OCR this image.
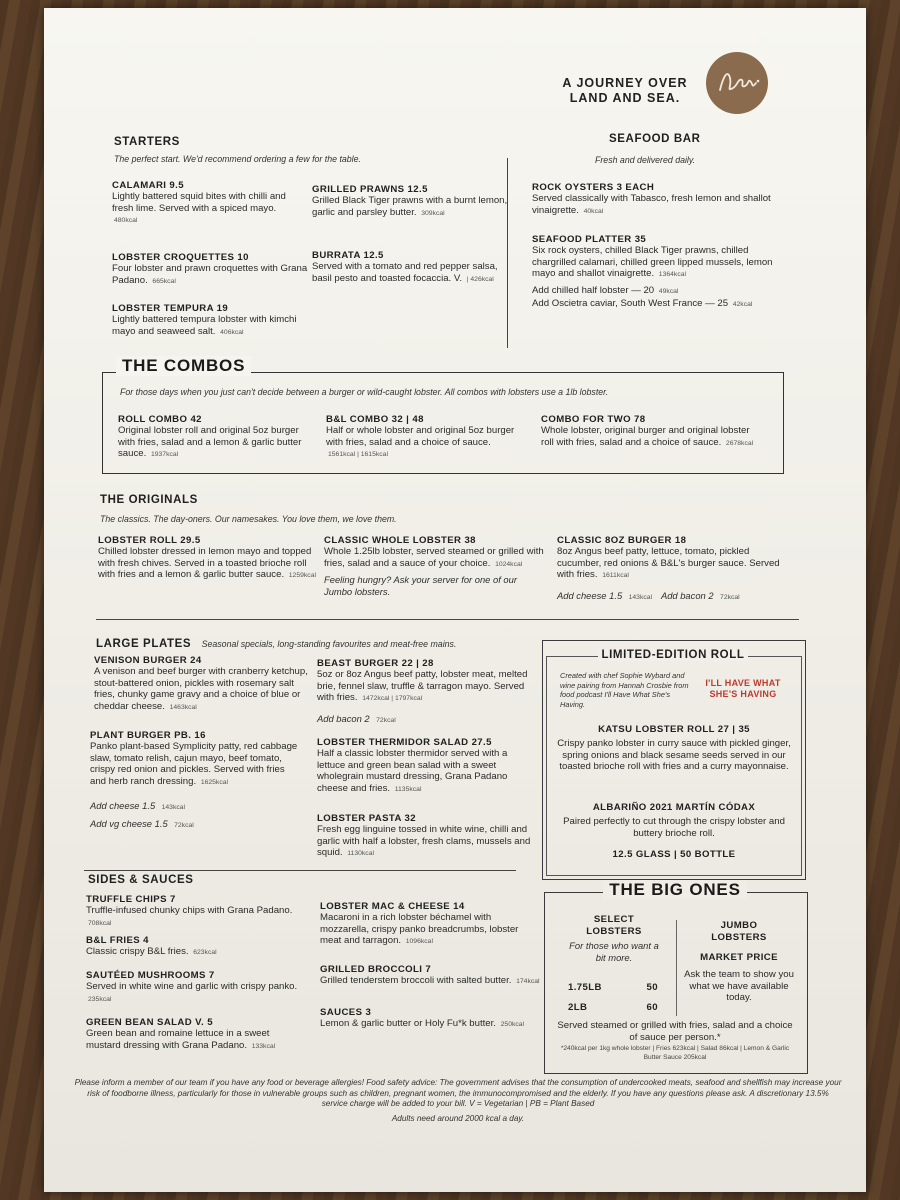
A JOURNEY OVER
LAND AND SEA.
STARTERS
The perfect start. We'd recommend ordering a few for the table.
CALAMARI 9.5
Lightly battered squid bites with chilli and fresh lime. Served with a spiced mayo. 480kcal
GRILLED PRAWNS 12.5
Grilled Black Tiger prawns with a burnt lemon, garlic and parsley butter. 309kcal
LOBSTER CROQUETTES 10
Four lobster and prawn croquettes with Grana Padano. 665kcal
BURRATA 12.5
Served with a tomato and red pepper salsa, basil pesto and toasted focaccia. V. | 426kcal
LOBSTER TEMPURA 19
Lightly battered tempura lobster with kimchi mayo and seaweed salt. 406kcal
SEAFOOD BAR
Fresh and delivered daily.
ROCK OYSTERS 3 EACH
Served classically with Tabasco, fresh lemon and shallot vinaigrette. 40kcal
SEAFOOD PLATTER 35
Six rock oysters, chilled Black Tiger prawns, chilled chargrilled calamari, chilled green lipped mussels, lemon mayo and shallot vinaigrette. 1364kcal
Add chilled half lobster — 20 49kcal
Add Oscietra caviar, South West France — 25 42kcal
THE COMBOS
For those days when you just can't decide between a burger or wild-caught lobster. All combos with lobsters use a 1lb lobster.
ROLL COMBO 42
Original lobster roll and original 5oz burger with fries, salad and a lemon & garlic butter sauce. 1937kcal
B&L COMBO 32 | 48
Half or whole lobster and original 5oz burger with fries, salad and a choice of sauce. 1561kcal | 1615kcal
COMBO FOR TWO 78
Whole lobster, original burger and original lobster roll with fries, salad and a choice of sauce. 2678kcal
THE ORIGINALS
The classics. The day-oners. Our namesakes. You love them, we love them.
LOBSTER ROLL 29.5
Chilled lobster dressed in lemon mayo and topped with fresh chives. Served in a toasted brioche roll with fries and a lemon & garlic butter sauce. 1259kcal
CLASSIC WHOLE LOBSTER 38
Whole 1.25lb lobster, served steamed or grilled with fries, salad and a sauce of your choice. 1024kcal
Feeling hungry? Ask your server for one of our Jumbo lobsters.
CLASSIC 8OZ BURGER 18
8oz Angus beef patty, lettuce, tomato, pickled cucumber, red onions & B&L's burger sauce. Served with fries. 1611kcal
Add cheese 1.5 143kcal Add bacon 2 72kcal
LARGE PLATES Seasonal specials, long-standing favourites and meat-free mains.
VENISON BURGER 24
A venison and beef burger with cranberry ketchup, stout-battered onion, pickles with rosemary salt fries, chunky game gravy and a choice of blue or cheddar cheese. 1463kcal
BEAST BURGER 22 | 28
5oz or 8oz Angus beef patty, lobster meat, melted brie, fennel slaw, truffle & tarragon mayo. Served with fries. 1472kcal | 1797kcal
Add bacon 2 72kcal
PLANT BURGER PB. 16
Panko plant-based Symplicity patty, red cabbage slaw, tomato relish, cajun mayo, beef tomato, crispy red onion and pickles. Served with fries and herb ranch dressing. 1625kcal
Add cheese 1.5 143kcal
Add vg cheese 1.5 72kcal
LOBSTER THERMIDOR SALAD 27.5
Half a classic lobster thermidor served with a lettuce and green bean salad with a sweet wholegrain mustard dressing, Grana Padano cheese and fries. 1135kcal
LOBSTER PASTA 32
Fresh egg linguine tossed in white wine, chilli and garlic with half a lobster, fresh clams, mussels and squid. 1130kcal
LIMITED-EDITION ROLL
Created with chef Sophie Wybard and wine pairing from Hannah Crosbie from food podcast I'll Have What She's Having.
I'LL HAVE WHAT
SHE'S HAVING
KATSU LOBSTER ROLL 27 | 35
Crispy panko lobster in curry sauce with pickled ginger, spring onions and black sesame seeds served in our toasted brioche roll with fries and a curry mayonnaise.
ALBARIÑO 2021 MARTÍN CÓDAX
Paired perfectly to cut through the crispy lobster and buttery brioche roll.
12.5 GLASS | 50 BOTTLE
SIDES & SAUCES
TRUFFLE CHIPS 7
Truffle-infused chunky chips with Grana Padano. 708kcal
LOBSTER MAC & CHEESE 14
Macaroni in a rich lobster béchamel with mozzarella, crispy panko breadcrumbs, lobster meat and tarragon. 1096kcal
B&L FRIES 4
Classic crispy B&L fries. 623kcal
SAUTÉED MUSHROOMS 7
Served in white wine and garlic with crispy panko. 235kcal
GRILLED BROCCOLI 7
Grilled tenderstem broccoli with salted butter. 174kcal
GREEN BEAN SALAD V. 5
Green bean and romaine lettuce in a sweet mustard dressing with Grana Padano. 133kcal
SAUCES 3
Lemon & garlic butter or Holy Fu*k butter. 250kcal
THE BIG ONES
SELECT
LOBSTERS
For those who want a bit more.
1.75LB	50
2LB	60
JUMBO
LOBSTERS
MARKET PRICE
Ask the team to show you what we have available today.
Served steamed or grilled with fries, salad and a choice of sauce per person.*
*240kcal per 1kg whole lobster | Fries 623kcal | Salad 86kcal | Lemon & Garlic Butter Sauce 205kcal
Please inform a member of our team if you have any food or beverage allergies! Food safety advice: The government advises that the consumption of undercooked meats, seafood and shellfish may increase your risk of foodborne illness, particularly for those in vulnerable groups such as children, pregnant women, the immunocompromised and the elderly. If you have any questions please ask. A discretionary 13.5% service charge will be added to your bill. V = Vegetarian | PB = Plant Based
Adults need around 2000 kcal a day.
